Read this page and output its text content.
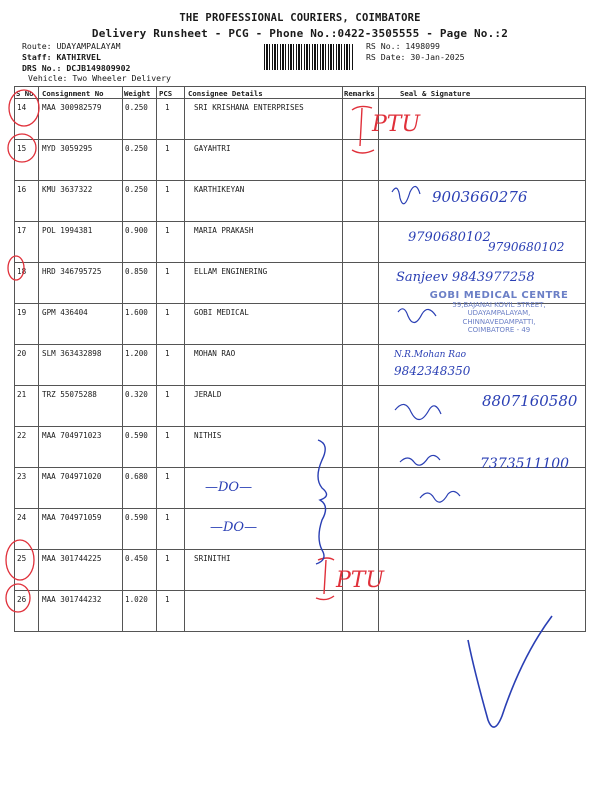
THE PROFESSIONAL COURIERS, COIMBATORE
Delivery Runsheet - PCG - Phone No.:0422-3505555 - Page No.:2
Route: UDAYAMPALAYAM
Staff: KATHIRVEL
DRS No.: DCJB149809902
Vehicle: Two Wheeler Delivery
RS No.: 1498099
RS Date: 30-Jan-2025
S No Consignment No	Weight PCS Consignee Details	Remarks	Seal & Signature
14 MAA 300982579	0.250 1	SRI KRISHANA ENTERPRISES
15 MYD 3059295	0.250 1	GAYAHTRI
16 KMU 3637322	0.250 1	KARTHIKEYAN
17 POL 1994381	0.900 1	MARIA PRAKASH
18 HRD 346795725	0.850 1	ELLAM ENGINERING
19 GPM 436404	1.600 1	GOBI MEDICAL
20 SLM 363432898	1.200 1	MOHAN RAO
21 TRZ 55075288	0.320 1	JERALD
22 MAA 704971023	0.590 1	NITHIS
23 MAA 704971020	0.680 1
24 MAA 704971059	0.590 1
25 MAA 301744225	0.450 1	SRINITHI
26 MAA 301744232	1.020 1
PTU
PTU
9003660276
9790680102
9790680102
Sanjeev 9843977258
N.R.Mohan Rao
9842348350
8807160580
7373511100
—DO—
—DO—
GOBI MEDICAL CENTRE
59,BAJANAI KOVIL STREET,
UDAYAMPALAYAM,
CHINNAVEDAMPATTI,
COIMBATORE - 49
